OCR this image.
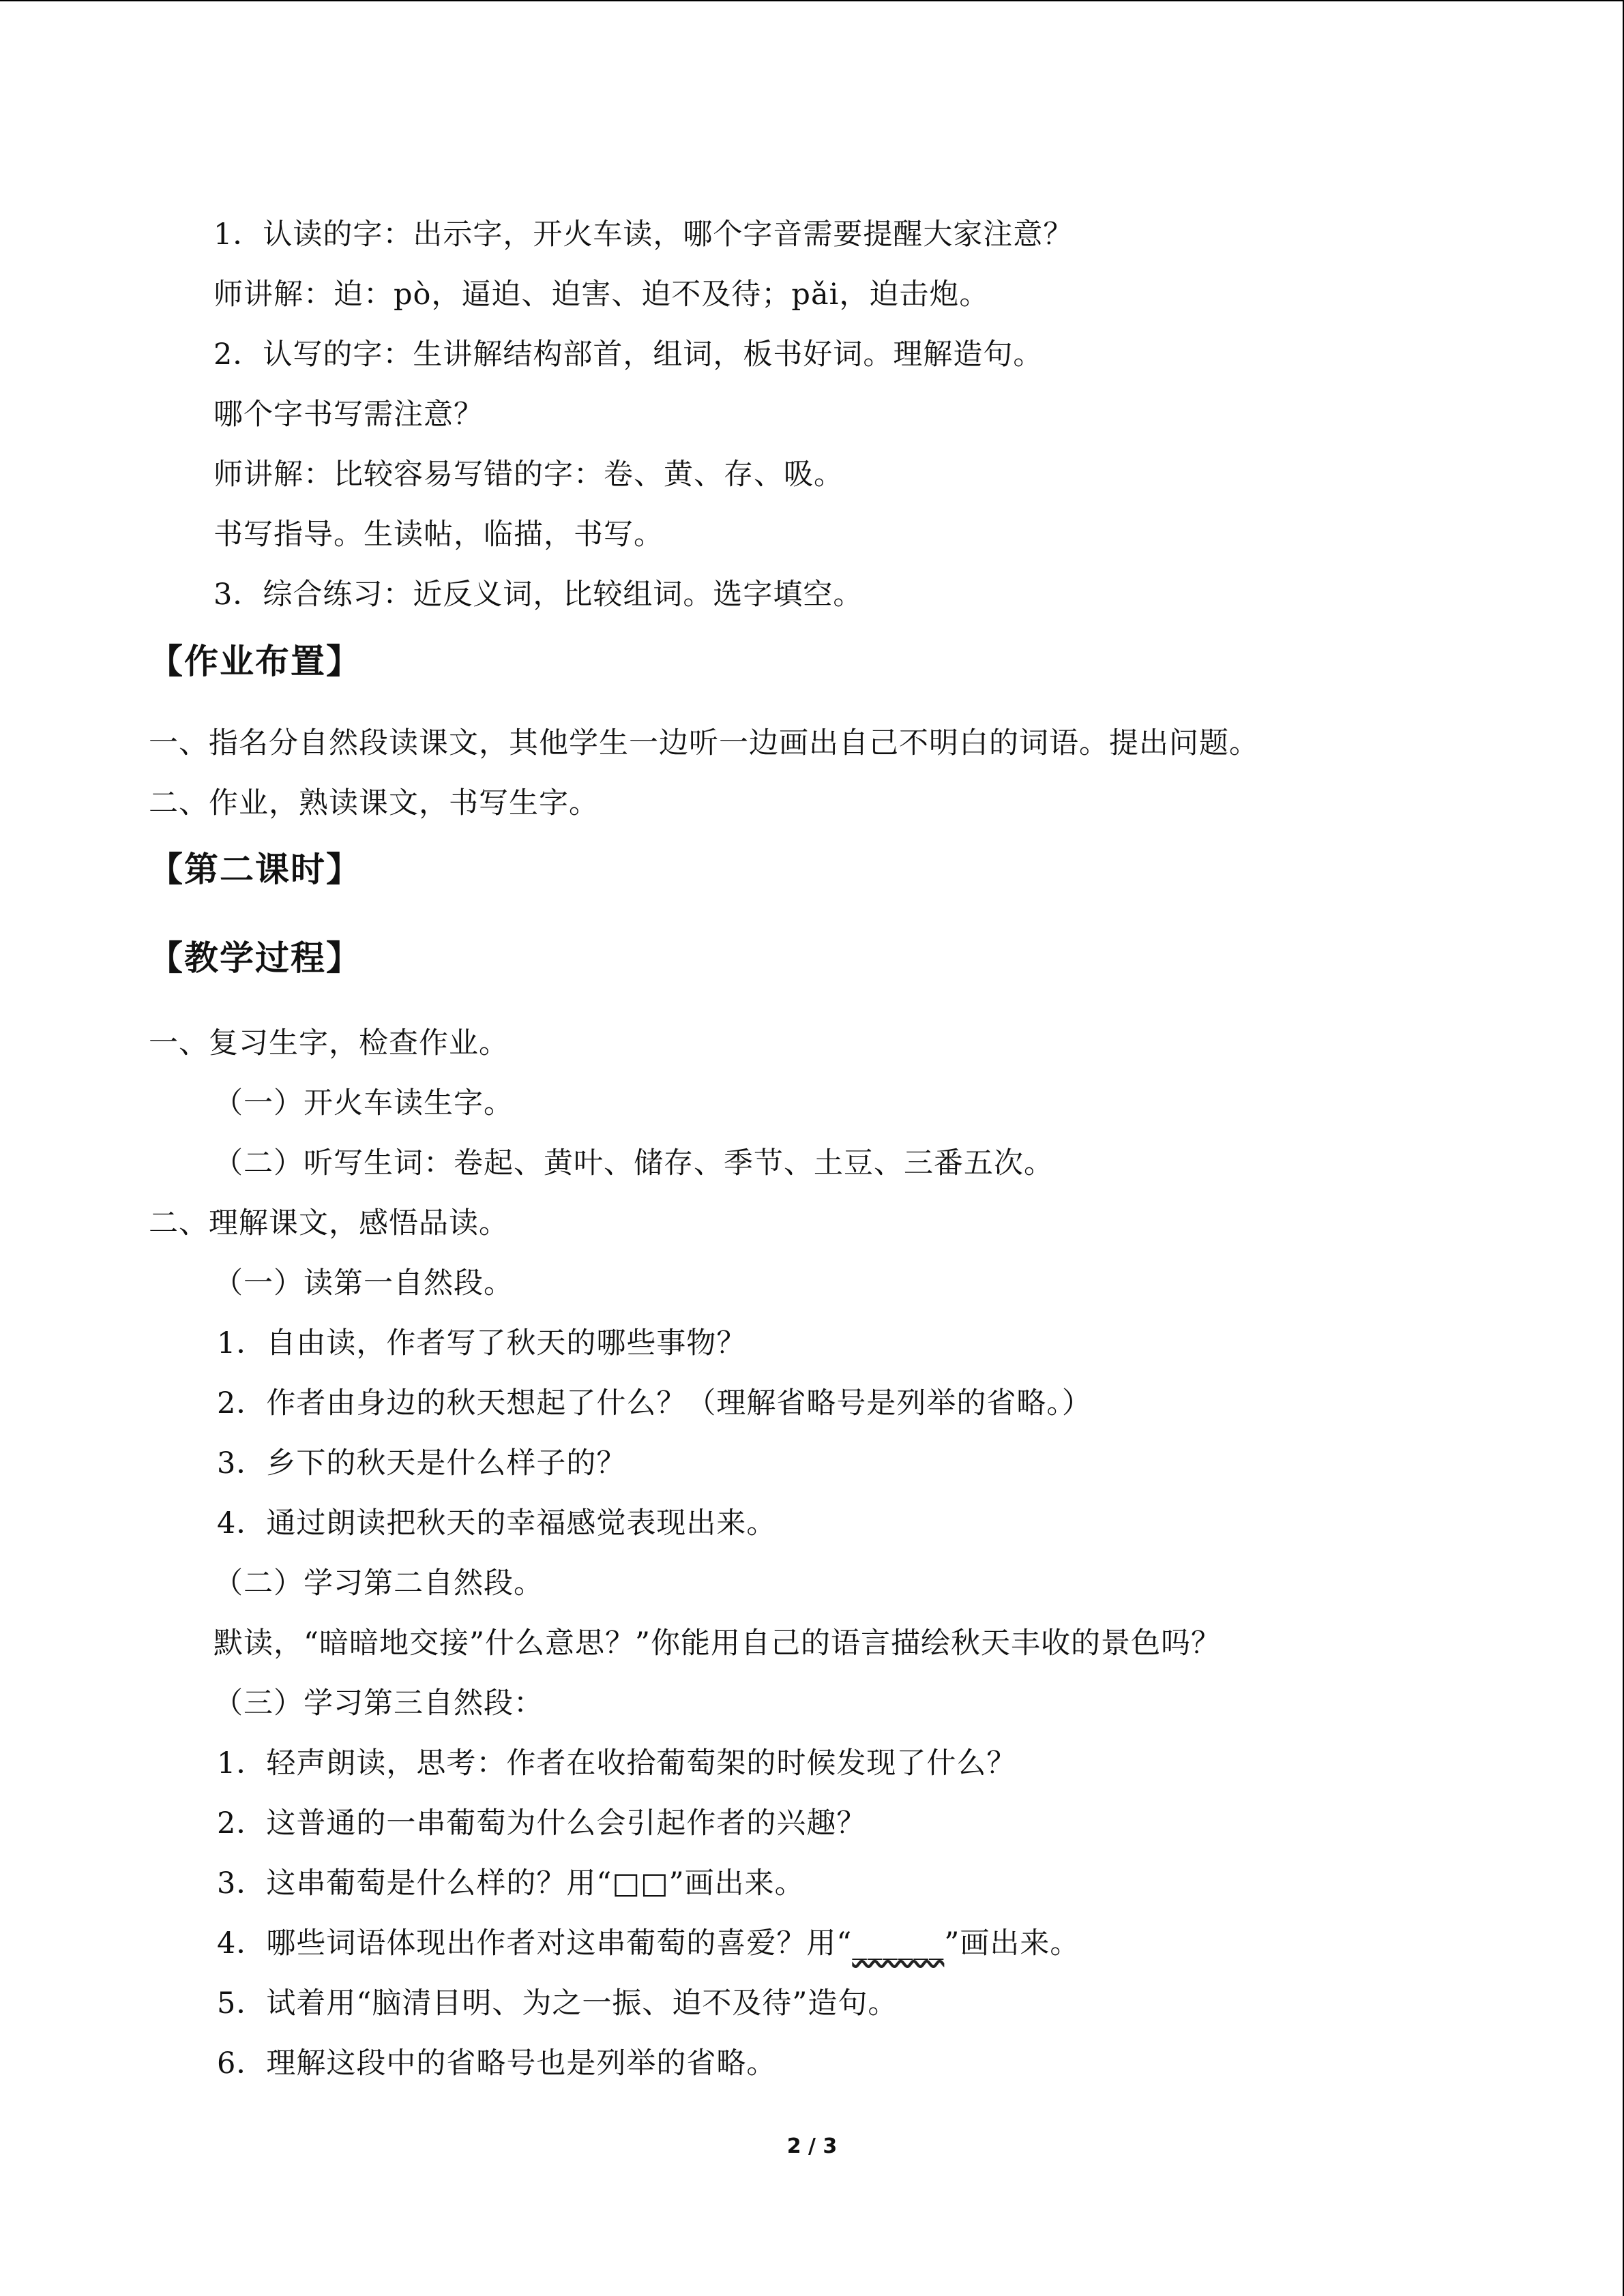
1．认读的字：出示字，开火车读，哪个字音需要提醒大家注意？
师讲解：迫：pò，逼迫、迫害、迫不及待；pǎi，迫击炮。
2．认写的字：生讲解结构部首，组词，板书好词。理解造句。
哪个字书写需注意？
师讲解：比较容易写错的字：卷、黄、存、吸。
书写指导。生读帖，临描，书写。
3．综合练习：近反义词，比较组词。选字填空。
【作业布置】
一、指名分自然段读课文，其他学生一边听一边画出自己不明白的词语。提出问题。
二、作业，熟读课文，书写生字。
【第二课时】
【教学过程】
一、复习生字，检查作业。
（一）开火车读生字。
（二）听写生词：卷起、黄叶、储存、季节、土豆、三番五次。
二、理解课文，感悟品读。
（一）读第一自然段。
1．自由读，作者写了秋天的哪些事物？
2．作者由身边的秋天想起了什么？（理解省略号是列举的省略。）
3．乡下的秋天是什么样子的？
4．通过朗读把秋天的幸福感觉表现出来。
（二）学习第二自然段。
默读，“暗暗地交接”什么意思？”你能用自己的语言描绘秋天丰收的景色吗？
（三）学习第三自然段：
1．轻声朗读，思考：作者在收拾葡萄架的时候发现了什么？
2．这普通的一串葡萄为什么会引起作者的兴趣？
3．这串葡萄是什么样的？用“□□”画出来。
4．哪些词语体现出作者对这串葡萄的喜爱？用“______”画出来。
5．试着用“脑清目明、为之一振、迫不及待”造句。
6．理解这段中的省略号也是列举的省略。
2 / 3
